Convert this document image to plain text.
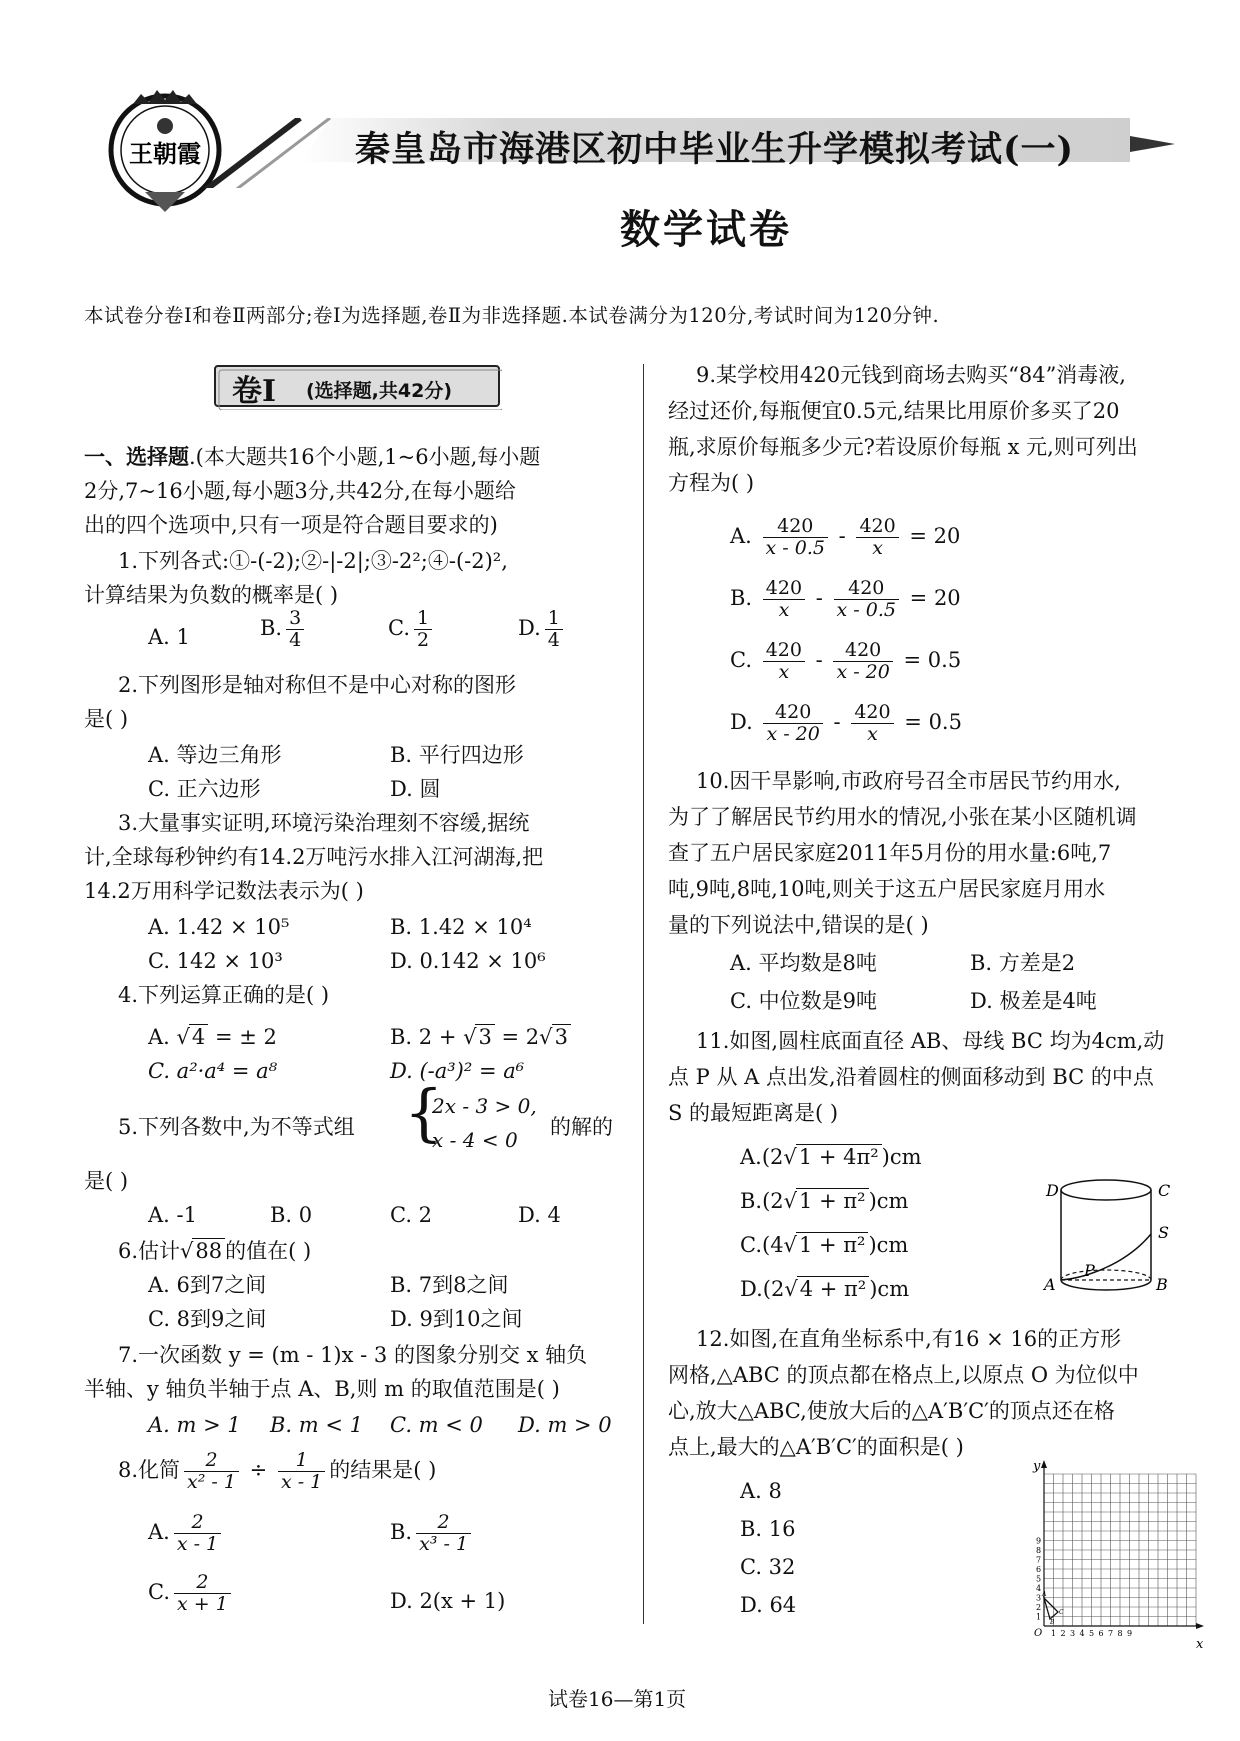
王朝霞	秦皇岛市海港区初中毕业生升学模拟考试(一)
数学试卷
本试卷分卷Ⅰ和卷Ⅱ两部分;卷Ⅰ为选择题,卷Ⅱ为非选择题.本试卷满分为120分,考试时间为120分钟.
卷Ⅰ (选择题,共42分)
一、选择题.(本大题共16个小题,1~6小题,每小题
2分,7~16小题,每小题3分,共42分,在每小题给
出的四个选项中,只有一项是符合题目要求的)
1.下列各式:①-(-2);②-|-2|;③-2²;④-(-2)²,
计算结果为负数的概率是( )
A. 1	B. $\frac{3}{4}$	C. $\frac{1}{2}$	D. $\frac{1}{4}$
2.下列图形是轴对称但不是中心对称的图形
是( )
A. 等边三角形	B. 平行四边形
C. 正六边形	D. 圆
3.大量事实证明,环境污染治理刻不容缓,据统
计,全球每秒钟约有14.2万吨污水排入江河湖海,把
14.2万用科学记数法表示为( )
A. 1.42 × 10⁵	B. 1.42 × 10⁴
C. 142 × 10³	D. 0.142 × 10⁶
4.下列运算正确的是( )
A. √4 = ± 2	B. 2 + √3 = 2√3
C. a²·a⁴ = a⁸	D. (-a³)² = a⁶
5.下列各数中,为不等式组 {
2x - 3 > 0,
x - 4 < 0
的解的
是( )
A. -1	B. 0	C. 2	D. 4
6.估计√88 的值在( )
A. 6到7之间	B. 7到8之间
C. 8到9之间	D. 9到10之间
7.一次函数 y = (m - 1)x - 3 的图象分别交 x 轴负
半轴、y 轴负半轴于点 A、B,则 m 的取值范围是( )
A. m > 1 B. m < 1 C. m < 0 D. m > 0
8.化简 $\frac{2}{\text{x² - 1}} \div \frac{1}{x - 1}$ 的结果是( )
A. $\frac{2}{x - 1}$	B. $\frac{2}{\text{x³ - 1}}$
C. $\frac{2}{x + 1}$	D. 2(x + 1)
9.某学校用420元钱到商场去购买“84”消毒液,
经过还价,每瓶便宜0.5元,结果比用原价多买了20
瓶,求原价每瓶多少元?若设原价每瓶 x 元,则可列出
方程为( )
A. $\frac{420}{x - 0.5} - \frac{420}{x} = 20$
B. $\frac{420}{x} - \frac{420}{x - 0.5} = 20$
C. $\frac{420}{x} - \frac{420}{x - 20} = 0.5$
D. $\frac{420}{x - 20} - \frac{420}{x} = 0.5$
10.因干旱影响,市政府号召全市居民节约用水,
为了了解居民节约用水的情况,小张在某小区随机调
查了五户居民家庭2011年5月份的用水量:6吨,7
吨,9吨,8吨,10吨,则关于这五户居民家庭月用水
量的下列说法中,错误的是( )
A. 平均数是8吨	B. 方差是2
C. 中位数是9吨	D. 极差是4吨
11.如图,圆柱底面直径 AB、母线 BC 均为4cm,动
点 P 从 A 点出发,沿着圆柱的侧面移动到 BC 的中点
S 的最短距离是( )
A.(2√1 + 4π² )cm
B.(2√1 + π² )cm
C.(4√1 + π² )cm
D.(2√4 + π² )cm
D	C
S
P
A	B
12.如图,在直角坐标系中,有16 × 16的正方形
网格,△ABC 的顶点都在格点上,以原点 O 为位似中
心,放大△ABC,使放大后的△A′B′C′的顶点还在格
点上,最大的△A′B′C′的面积是( )
A. 8
B. 16
C. 32
D. 64
y
x
O
A
B
C
1 2 3 4 5 6 7 8 9
1
2
3
4
5
6
7
8
9
试卷16—第1页
